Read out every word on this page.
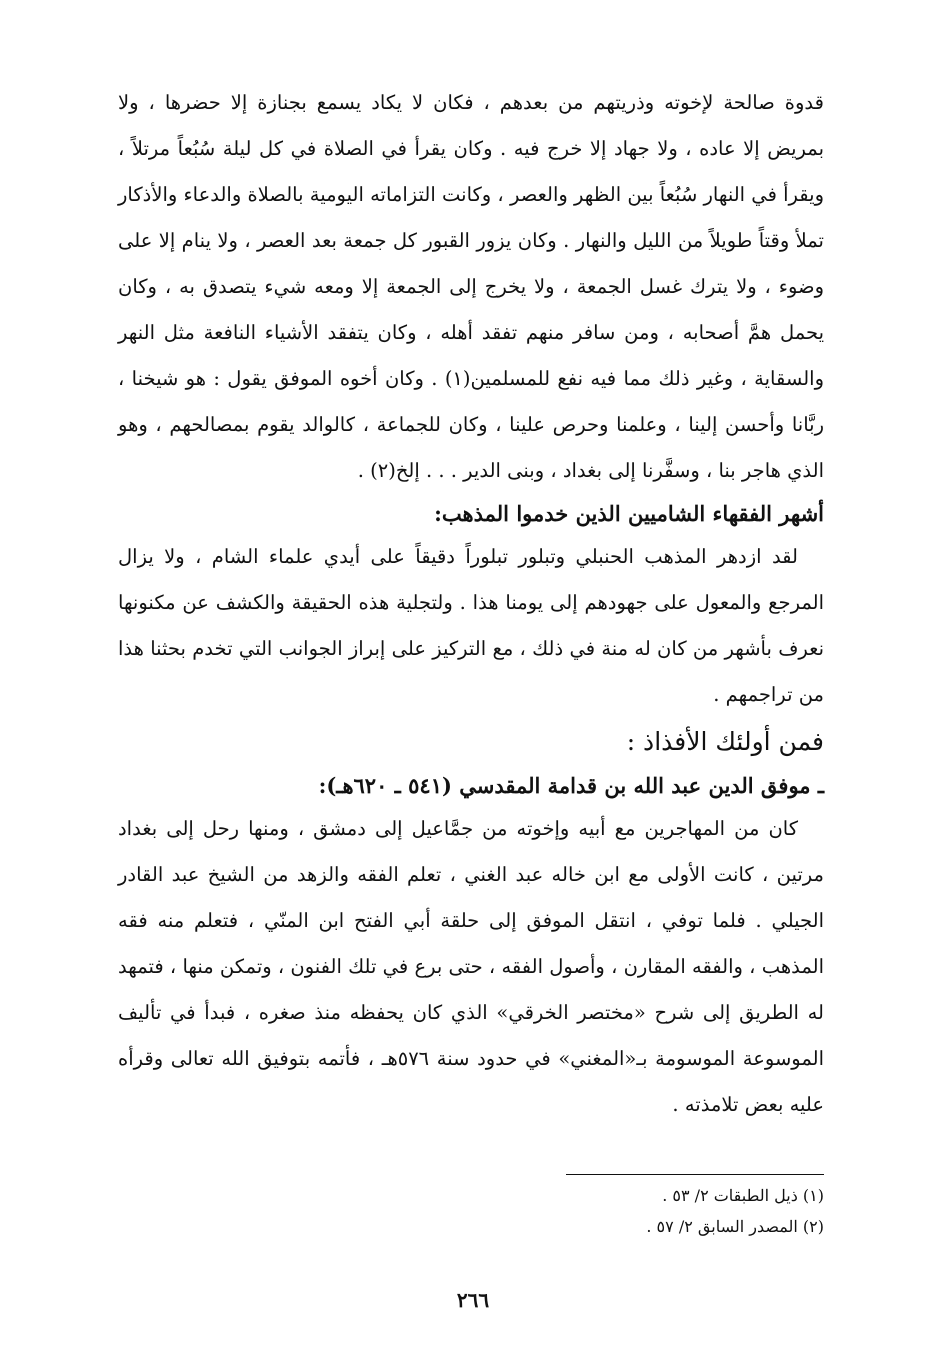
قدوة صالحة لإخوته وذريتهم من بعدهم ، فكان لا يكاد يسمع بجنازة إلا حضرها ، ولا بمريض إلا عاده ، ولا جهاد إلا خرج فيه . وكان يقرأ في الصلاة في كل ليلة سُبُعاً مرتلاً ، ويقرأ في النهار سُبُعاً بين الظهر والعصر ، وكانت التزاماته اليومية بالصلاة والدعاء والأذكار تملأ وقتاً طويلاً من الليل والنهار . وكان يزور القبور كل جمعة بعد العصر ، ولا ينام إلا على وضوء ، ولا يترك غسل الجمعة ، ولا يخرج إلى الجمعة إلا ومعه شيء يتصدق به ، وكان يحمل همَّ أصحابه ، ومن سافر منهم تفقد أهله ، وكان يتفقد الأشياء النافعة مثل النهر والسقاية ، وغير ذلك مما فيه نفع للمسلمين(١) . وكان أخوه الموفق يقول : هو شيخنا ، ربَّانا وأحسن إلينا ، وعلمنا وحرص علينا ، وكان للجماعة ، كالوالد يقوم بمصالحهم ، وهو الذي هاجر بنا ، وسفَّرنا إلى بغداد ، وبنى الدير . . . إلخ(٢) .

أشهر الفقهاء الشاميين الذين خدموا المذهب:

لقد ازدهر المذهب الحنبلي وتبلور تبلوراً دقيقاً على أيدي علماء الشام ، ولا يزال المرجع والمعول على جهودهم إلى يومنا هذا . ولتجلية هذه الحقيقة والكشف عن مكنونها نعرف بأشهر من كان له منة في ذلك ، مع التركيز على إبراز الجوانب التي تخدم بحثنا هذا من تراجمهم .

فمن أولئك الأفذاذ :

ـ موفق الدين عبد الله بن قدامة المقدسي (٥٤١ ـ ٦٢٠هـ):

كان من المهاجرين مع أبيه وإخوته من جمَّاعيل إلى دمشق ، ومنها رحل إلى بغداد مرتين ، كانت الأولى مع ابن خاله عبد الغني ، تعلم الفقه والزهد من الشيخ عبد القادر الجيلي . فلما توفي ، انتقل الموفق إلى حلقة أبي الفتح ابن المنّي ، فتعلم منه فقه المذهب ، والفقه المقارن ، وأصول الفقه ، حتى برع في تلك الفنون ، وتمكن منها ، فتمهد له الطريق إلى شرح «مختصر الخرقي» الذي كان يحفظه منذ صغره ، فبدأ في تأليف الموسوعة الموسومة بـ«المغني» في حدود سنة ٥٧٦هـ ، فأتمه بتوفيق الله تعالى وقرأه عليه بعض تلامذته .

(١) ذيل الطبقات ٢/ ٥٣ .

(٢) المصدر السابق ٢/ ٥٧ .

٢٦٦
